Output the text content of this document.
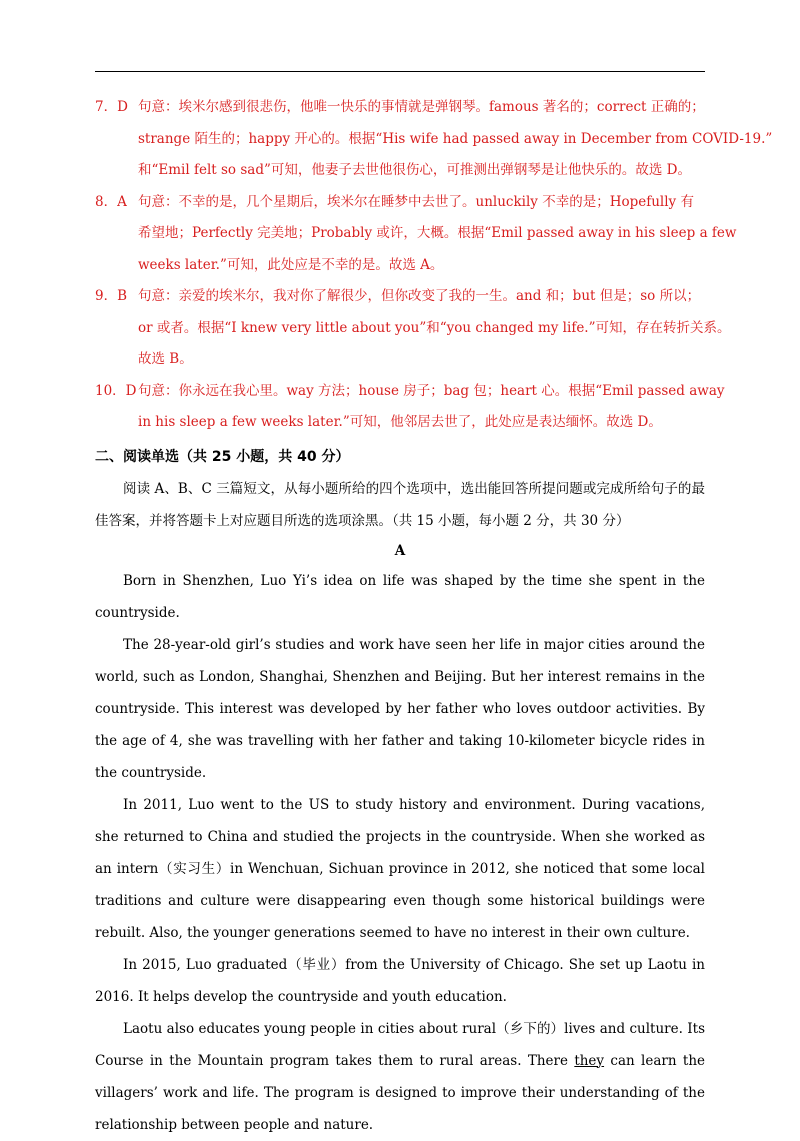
7．D 句意：埃米尔感到很悲伤，他唯一快乐的事情就是弹钢琴。famous 著名的；correct 正确的；
strange 陌生的；happy 开心的。根据“His wife had passed away in December from COVID-19.”
和“Emil felt so sad”可知，他妻子去世他很伤心，可推测出弹钢琴是让他快乐的。故选 D。
8．A 句意：不幸的是，几个星期后，埃米尔在睡梦中去世了。unluckily 不幸的是；Hopefully 有
希望地；Perfectly 完美地；Probably 或许，大概。根据“Emil passed away in his sleep a few
weeks later.”可知，此处应是不幸的是。故选 A。
9．B 句意：亲爱的埃米尔，我对你了解很少，但你改变了我的一生。and 和；but 但是；so 所以；
or 或者。根据“I knew very little about you”和“you changed my life.”可知，存在转折关系。
故选 B。
10．D句意：你永远在我心里。way 方法；house 房子；bag 包；heart 心。根据“Emil passed away
in his sleep a few weeks later.”可知，他邻居去世了，此处应是表达缅怀。故选 D。
二、阅读单选（共 25 小题，共 40 分）
阅读 A、B、C 三篇短文，从每小题所给的四个选项中，选出能回答所提问题或完成所给句子的最佳答案，并将答题卡上对应题目所选的选项涂黑。（共 15 小题，每小题 2 分，共 30 分）
A
Born in Shenzhen, Luo Yi’s idea on life was shaped by the time she spent in the countryside.
The 28-year-old girl’s studies and work have seen her life in major cities around the world, such as London, Shanghai, Shenzhen and Beijing. But her interest remains in the countryside. This interest was developed by her father who loves outdoor activities. By the age of 4, she was travelling with her father and taking 10-kilometer bicycle rides in the countryside.
In 2011, Luo went to the US to study history and environment. During vacations, she returned to China and studied the projects in the countryside. When she worked as an intern（实习生）in Wenchuan, Sichuan province in 2012, she noticed that some local traditions and culture were disappearing even though some historical buildings were rebuilt. Also, the younger generations seemed to have no interest in their own culture.
In 2015, Luo graduated（毕业）from the University of Chicago. She set up Laotu in 2016. It helps develop the countryside and youth education.
Laotu also educates young people in cities about rural（乡下的）lives and culture. Its Course in the Mountain program takes them to rural areas. There they can learn the villagers’ work and life. The program is designed to improve their understanding of the relationship between people and nature.
